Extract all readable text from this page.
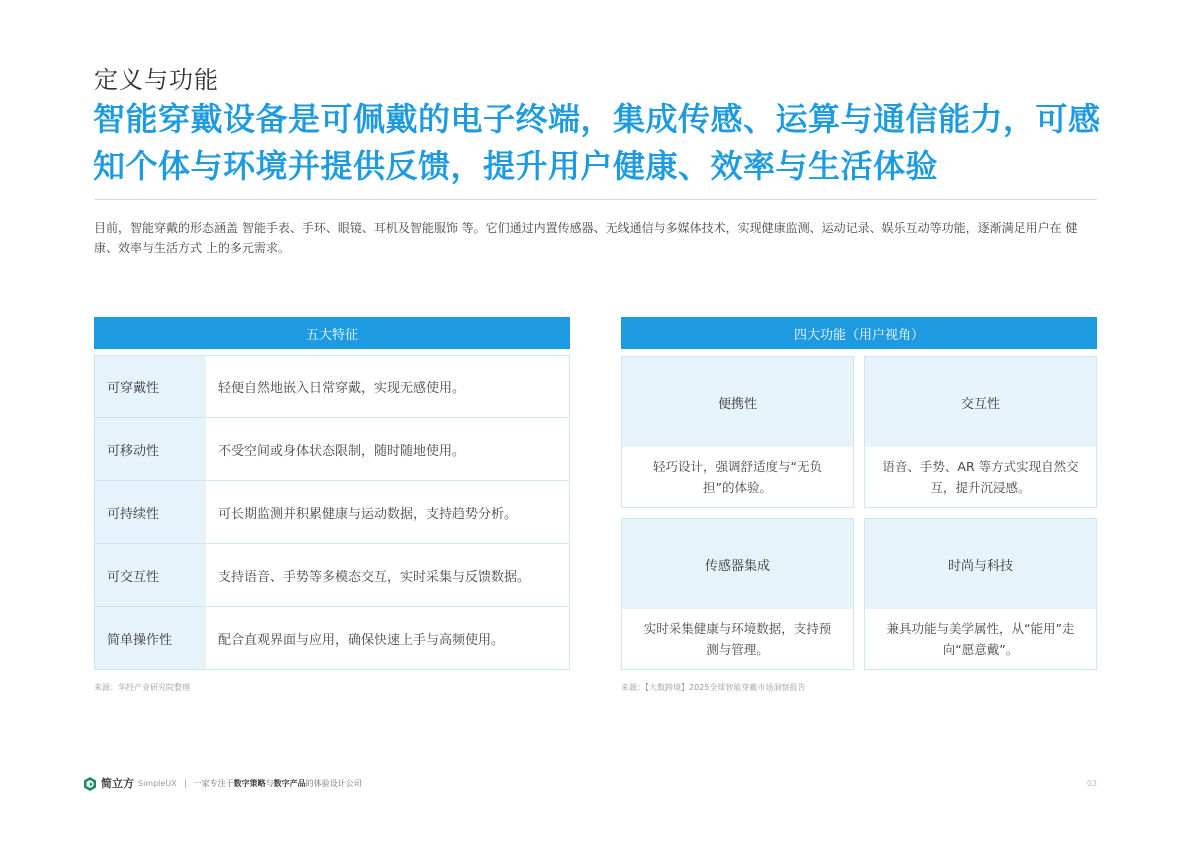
定义与功能
智能穿戴设备是可佩戴的电子终端，集成传感、运算与通信能力，可感知个体与环境并提供反馈，提升用户健康、效率与生活体验
目前，智能穿戴的形态涵盖 智能手表、手环、眼镜、耳机及智能服饰 等。它们通过内置传感器、无线通信与多媒体技术，实现健康监测、运动记录、娱乐互动等功能，逐渐满足用户在 健康、效率与生活方式 上的多元需求。
五大特征
可穿戴性	轻便自然地嵌入日常穿戴，实现无感使用。
可移动性	不受空间或身体状态限制，随时随地使用。
可持续性	可长期监测并积累健康与运动数据，支持趋势分析。
可交互性	支持语音、手势等多模态交互，实时采集与反馈数据。
简单操作性	配合直观界面与应用，确保快速上手与高频使用。
来源：华经产业研究院整理
四大功能（用户视角）
便携性
轻巧设计，强调舒适度与“无负担”的体验。
交互性
语音、手势、AR 等方式实现自然交互，提升沉浸感。
传感器集成
实时采集健康与环境数据，支持预测与管理。
时尚与科技
兼具功能与美学属性，从“能用”走向“愿意戴”。
来源：【大数跨境】2025全球智能穿戴市场洞察报告
简立方 SimpleUX 一家专注于数字策略与数字产品的体验设计公司	03
